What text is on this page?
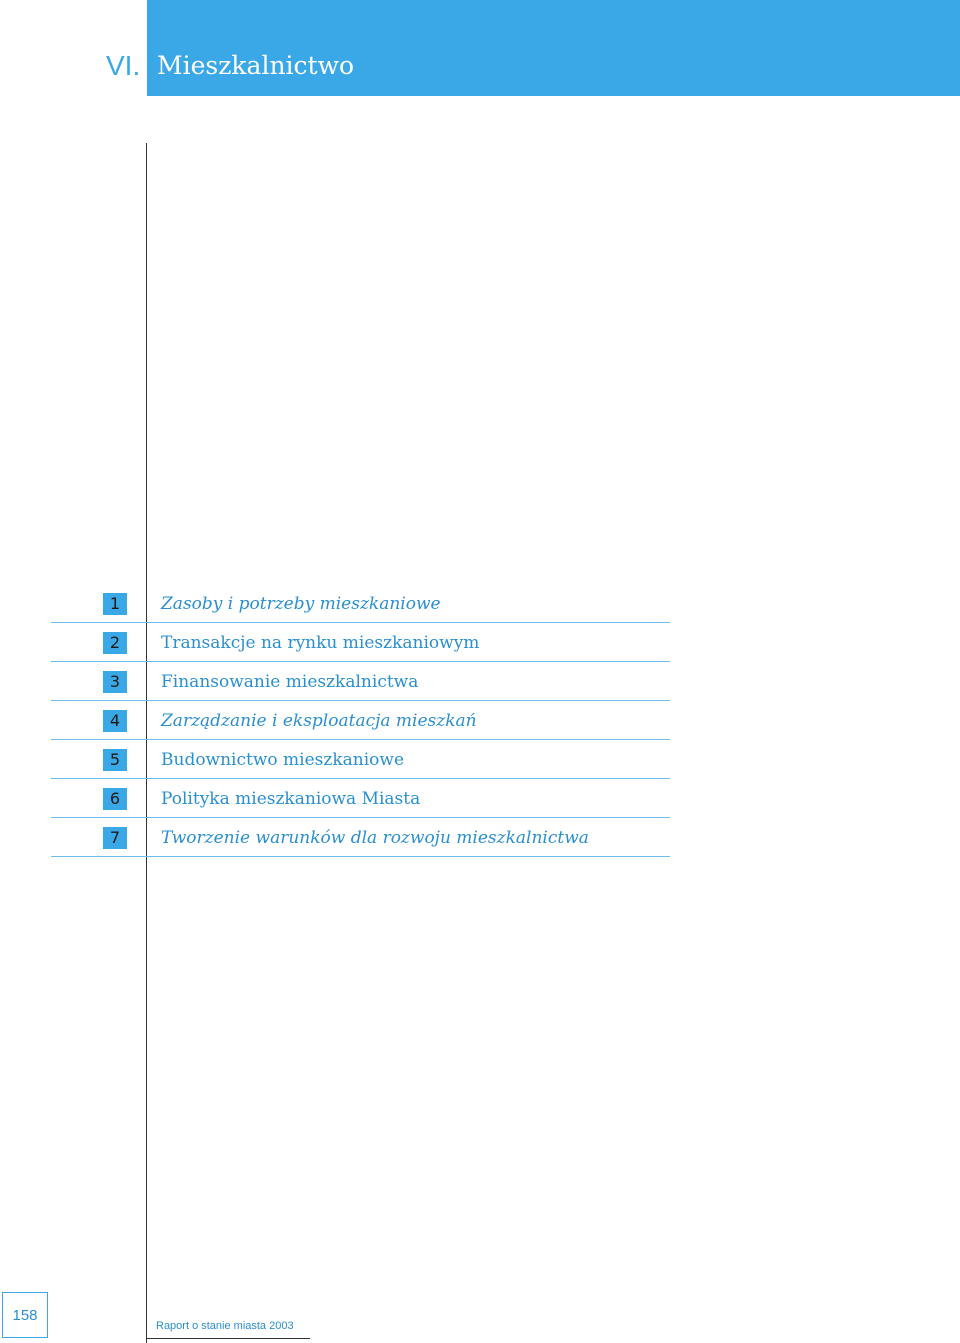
VI. Mieszkalnictwo
1	Zasoby i potrzeby mieszkaniowe
2	Transakcje na rynku mieszkaniowym
3	Finansowanie mieszkalnictwa
4	Zarządzanie i eksploatacja mieszkań
5	Budownictwo mieszkaniowe
6	Polityka mieszkaniowa Miasta
7	Tworzenie warunków dla rozwoju mieszkalnictwa
158
Raport o stanie miasta 2003
